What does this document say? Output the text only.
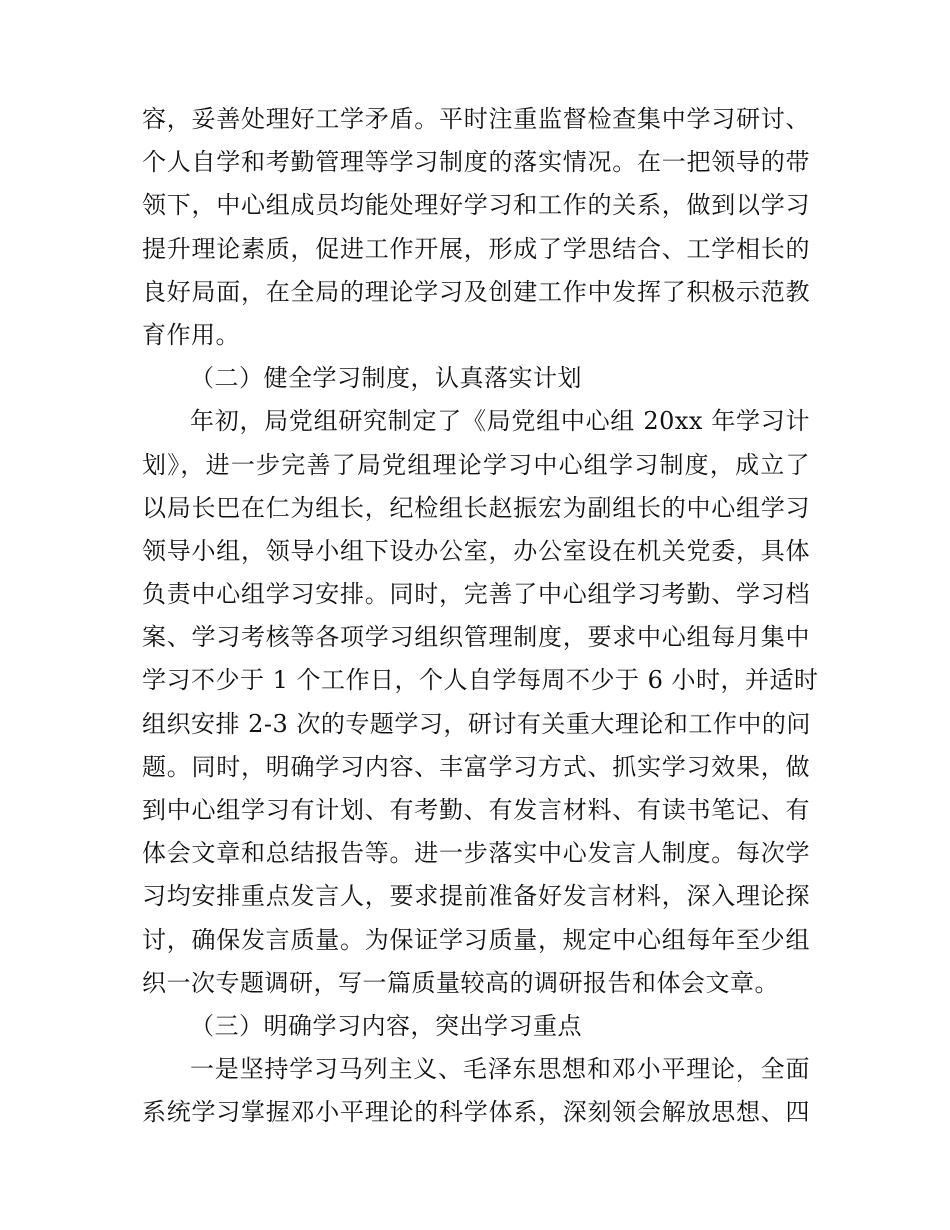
容，妥善处理好工学矛盾。平时注重监督检查集中学习研讨、
个人自学和考勤管理等学习制度的落实情况。在一把领导的带
领下，中心组成员均能处理好学习和工作的关系，做到以学习
提升理论素质，促进工作开展，形成了学思结合、工学相长的
良好局面，在全局的理论学习及创建工作中发挥了积极示范教
育作用。
（二）健全学习制度，认真落实计划
年初，局党组研究制定了《局党组中心组 20xx 年学习计
划》，进一步完善了局党组理论学习中心组学习制度，成立了
以局长巴在仁为组长，纪检组长赵振宏为副组长的中心组学习
领导小组，领导小组下设办公室，办公室设在机关党委，具体
负责中心组学习安排。同时，完善了中心组学习考勤、学习档
案、学习考核等各项学习组织管理制度，要求中心组每月集中
学习不少于 1 个工作日，个人自学每周不少于 6 小时，并适时
组织安排 2-3 次的专题学习，研讨有关重大理论和工作中的问
题。同时，明确学习内容、丰富学习方式、抓实学习效果，做
到中心组学习有计划、有考勤、有发言材料、有读书笔记、有
体会文章和总结报告等。进一步落实中心发言人制度。每次学
习均安排重点发言人，要求提前准备好发言材料，深入理论探
讨，确保发言质量。为保证学习质量，规定中心组每年至少组
织一次专题调研，写一篇质量较高的调研报告和体会文章。
（三）明确学习内容，突出学习重点
一是坚持学习马列主义、毛泽东思想和邓小平理论，全面
系统学习掌握邓小平理论的科学体系，深刻领会解放思想、四
